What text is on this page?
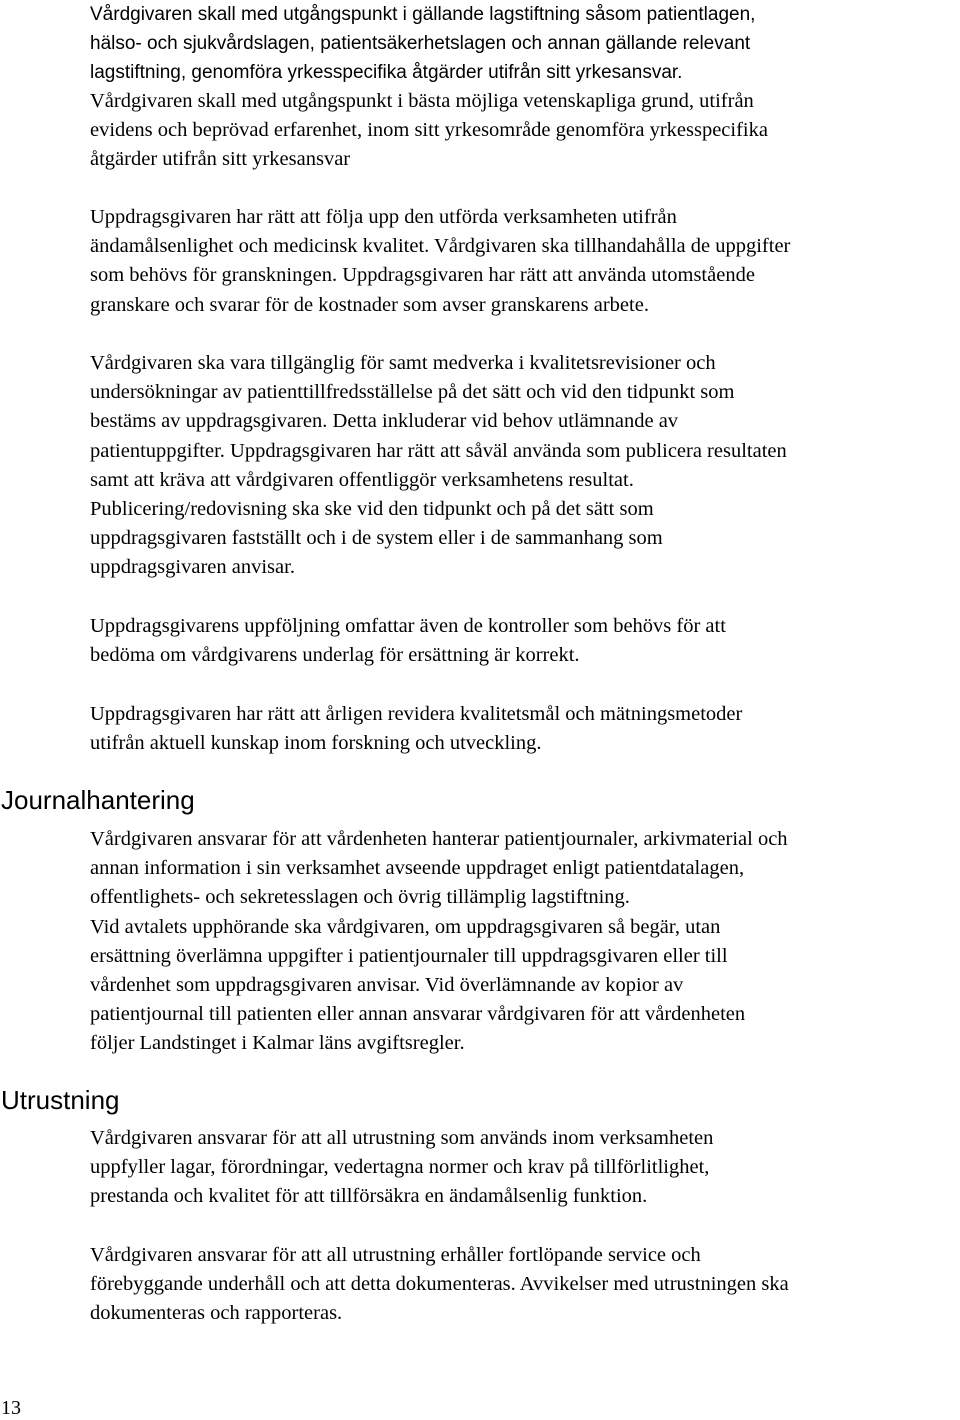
Vårdgivaren skall med utgångspunkt i gällande lagstiftning såsom patientlagen,
hälso- och sjukvårdslagen, patientsäkerhetslagen och annan gällande relevant
lagstiftning, genomföra yrkesspecifika åtgärder utifrån sitt yrkesansvar.

Vårdgivaren skall med utgångspunkt i bästa möjliga vetenskapliga grund, utifrån
evidens och beprövad erfarenhet, inom sitt yrkesområde genomföra yrkesspecifika
åtgärder utifrån sitt yrkesansvar

Uppdragsgivaren har rätt att följa upp den utförda verksamheten utifrån
ändamålsenlighet och medicinsk kvalitet. Vårdgivaren ska tillhandahålla de uppgifter
som behövs för granskningen. Uppdragsgivaren har rätt att använda utomstående
granskare och svarar för de kostnader som avser granskarens arbete.

Vårdgivaren ska vara tillgänglig för samt medverka i kvalitetsrevisioner och
undersökningar av patienttillfredsställelse på det sätt och vid den tidpunkt som
bestäms av uppdragsgivaren. Detta inkluderar vid behov utlämnande av
patientuppgifter. Uppdragsgivaren har rätt att såväl använda som publicera resultaten
samt att kräva att vårdgivaren offentliggör verksamhetens resultat.
Publicering/redovisning ska ske vid den tidpunkt och på det sätt som
uppdragsgivaren fastställt och i de system eller i de sammanhang som
uppdragsgivaren anvisar.

Uppdragsgivarens uppföljning omfattar även de kontroller som behövs för att
bedöma om vårdgivarens underlag för ersättning är korrekt.

Uppdragsgivaren har rätt att årligen revidera kvalitetsmål och mätningsmetoder
utifrån aktuell kunskap inom forskning och utveckling.

Journalhantering

Vårdgivaren ansvarar för att vårdenheten hanterar patientjournaler, arkivmaterial och
annan information i sin verksamhet avseende uppdraget enligt patientdatalagen,
offentlighets- och sekretesslagen och övrig tillämplig lagstiftning.
Vid avtalets upphörande ska vårdgivaren, om uppdragsgivaren så begär, utan
ersättning överlämna uppgifter i patientjournaler till uppdragsgivaren eller till
vårdenhet som uppdragsgivaren anvisar. Vid överlämnande av kopior av
patientjournal till patienten eller annan ansvarar vårdgivaren för att vårdenheten
följer Landstinget i Kalmar läns avgiftsregler.

Utrustning

Vårdgivaren ansvarar för att all utrustning som används inom verksamheten
uppfyller lagar, förordningar, vedertagna normer och krav på tillförlitlighet,
prestanda och kvalitet för att tillförsäkra en ändamålsenlig funktion.

Vårdgivaren ansvarar för att all utrustning erhåller fortlöpande service och
förebyggande underhåll och att detta dokumenteras. Avvikelser med utrustningen ska
dokumenteras och rapporteras.

13
